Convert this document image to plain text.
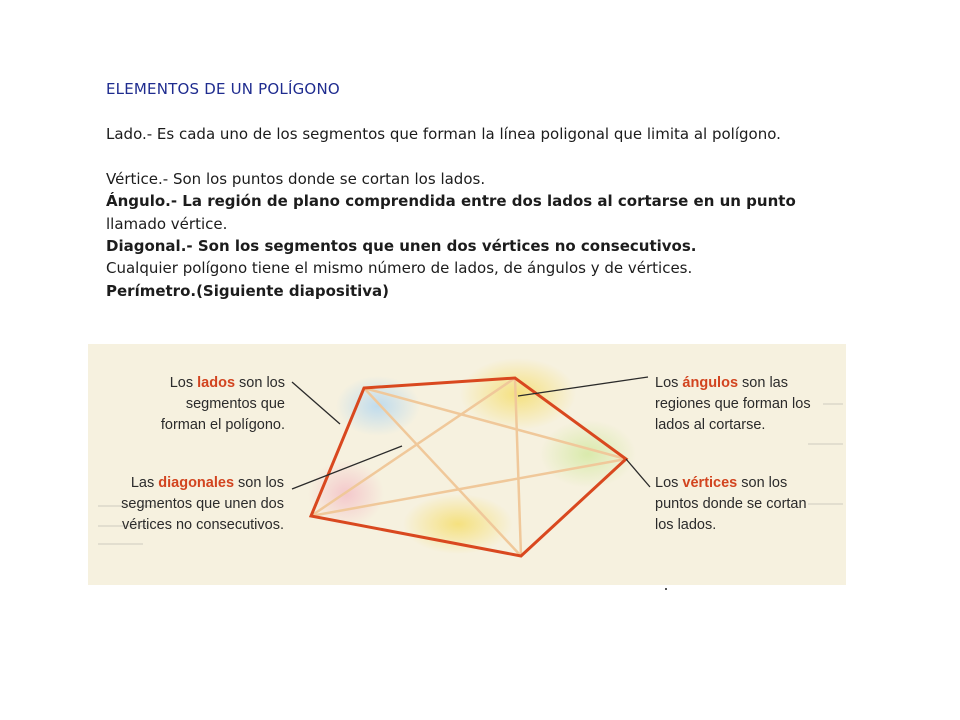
ELEMENTOS DE UN POLÍGONO
Lado.- Es cada uno de los segmentos que forman la línea poligonal que limita al polígono.
Vértice.- Son los puntos donde se cortan los lados.
Ángulo.- La región de plano comprendida entre dos lados al cortarse en un punto
llamado vértice.
Diagonal.- Son los segmentos que unen dos vértices no consecutivos.
Cualquier polígono tiene el mismo número de lados, de ángulos y de vértices.
Perímetro.(Siguiente diapositiva)
Los lados son los segmentos que forman el polígono.
Las diagonales son los segmentos que unen dos vértices no consecutivos.
Los ángulos son las regiones que forman los lados al cortarse.
Los vértices son los puntos donde se cortan los lados.
